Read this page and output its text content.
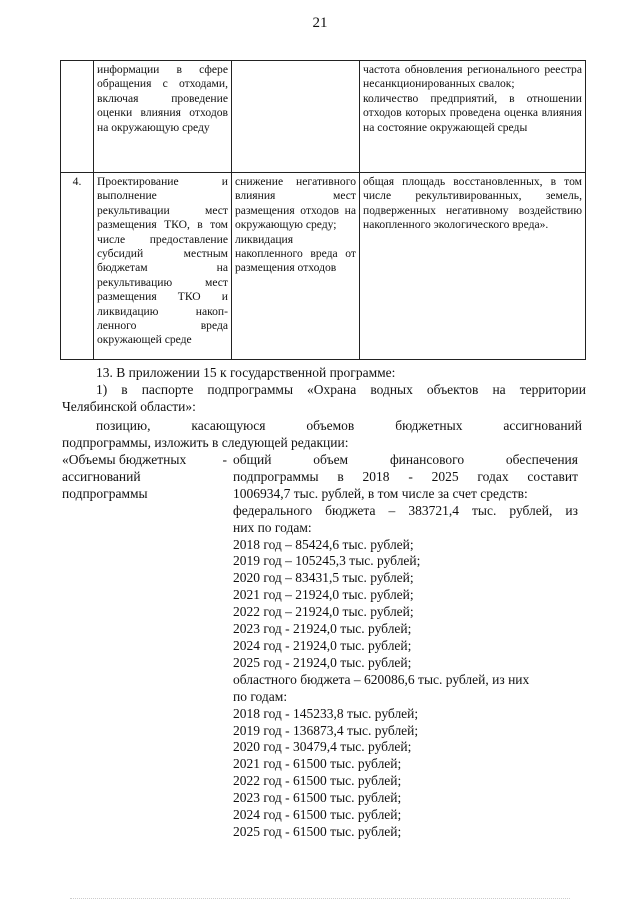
21
	информации в сфере обращения с отходами, включая проведение оценки влияния отходов на окружающую среду		частота обновления регионального реестра несанкционированных свалок;
количество предприятий, в отношении отходов которых проведена оценка влияния на состояние окружающей среды
4.	Проектирование и выполнение рекультивации мест размещения ТКО, в том числе предоставление субсидий местным бюджетам на рекультивацию мест размещения ТКО и ликвидацию накоп-ленного вреда окружающей среде	снижение негативного влияния мест размещения отходов на окружающую среду;
ликвидация накопленного вреда от размещения отходов	общая площадь восстановленных, в том числе рекультивированных, земель, подверженных негативному воздействию накопленного экологического вреда».
13. В приложении 15 к государственной программе:
1) в паспорте подпрограммы «Охрана водных объектов на территории
Челябинской области»:
позицию, касающуюся объемов бюджетных ассигнований
подпрограммы, изложить в следующей редакции:
«Объемы бюджетных	-
ассигнований
подпрограммы
общий объем финансового обеспечения
подпрограммы в 2018 - 2025 годах составит
1006934,7 тыс. рублей, в том числе за счет средств:
федерального бюджета – 383721,4 тыс. рублей, из
них по годам:
2018 год – 85424,6 тыс. рублей;
2019 год – 105245,3 тыс. рублей;
2020 год – 83431,5 тыс. рублей;
2021 год – 21924,0 тыс. рублей;
2022 год – 21924,0 тыс. рублей;
2023 год - 21924,0 тыс. рублей;
2024 год - 21924,0 тыс. рублей;
2025 год - 21924,0 тыс. рублей;
областного бюджета – 620086,6 тыс. рублей, из них
по годам:
2018 год - 145233,8 тыс. рублей;
2019 год - 136873,4 тыс. рублей;
2020 год - 30479,4 тыс. рублей;
2021 год - 61500 тыс. рублей;
2022 год - 61500 тыс. рублей;
2023 год - 61500 тыс. рублей;
2024 год - 61500 тыс. рублей;
2025 год - 61500 тыс. рублей;
